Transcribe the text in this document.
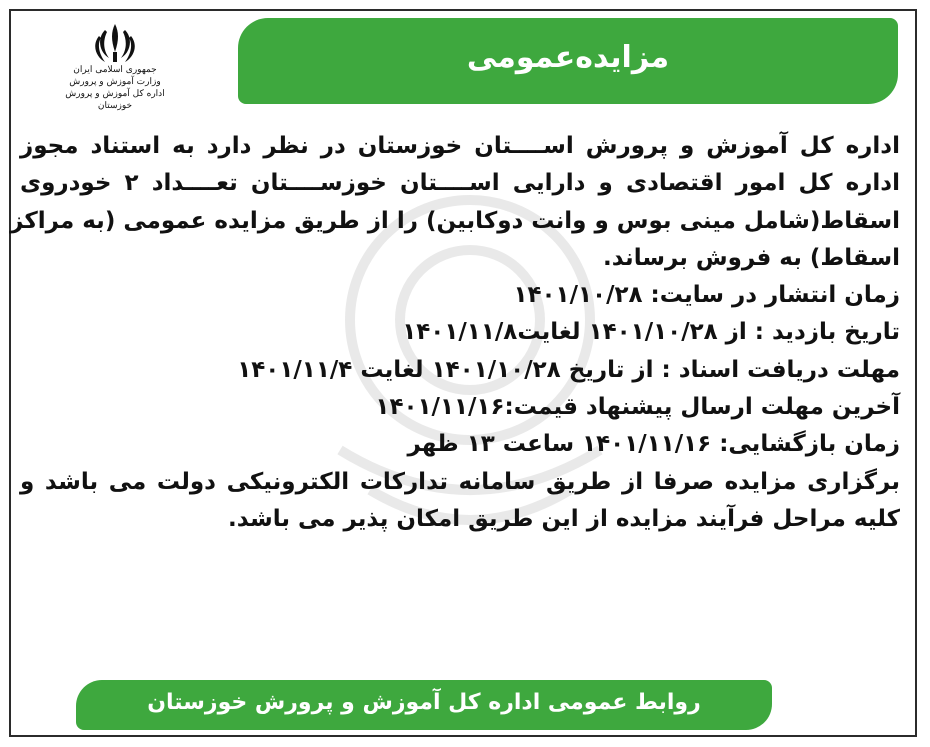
جمهوری اسلامی ایران
وزارت آموزش و پرورش
اداره کل آموزش و پرورش خوزستان
مزایده‌عمومی
اداره کل آموزش و پرورش اســــتان خوزستان در نظر دارد به استناد مجوز
اداره کل امور اقتصادی و دارایی اســــتان خوزســــتان تعــــداد ۲ خودروی
اسقاط(شامل مینی بوس و وانت دوکابین) را از طریق مزایده عمومی (به مراکز
اسقاط) به فروش برساند.
زمان انتشار در سایت: ۱۴۰۱/۱۰/۲۸
تاریخ بازدید : از ۱۴۰۱/۱۰/۲۸ لغایت۱۴۰۱/۱۱/۸
مهلت دریافت اسناد : از تاریخ ۱۴۰۱/۱۰/۲۸ لغایت ۱۴۰۱/۱۱/۴
آخرین مهلت ارسال پیشنهاد قیمت:۱۴۰۱/۱۱/۱۶
زمان بازگشایی: ۱۴۰۱/۱۱/۱۶ ساعت ۱۳ ظهر
برگزاری مزایده صرفا از طریق سامانه تدارکات الکترونیکی دولت می باشد و
کلیه مراحل فرآیند مزایده از این طریق امکان پذیر می باشد.
روابط عمومی اداره کل آموزش و پرورش خوزستان
